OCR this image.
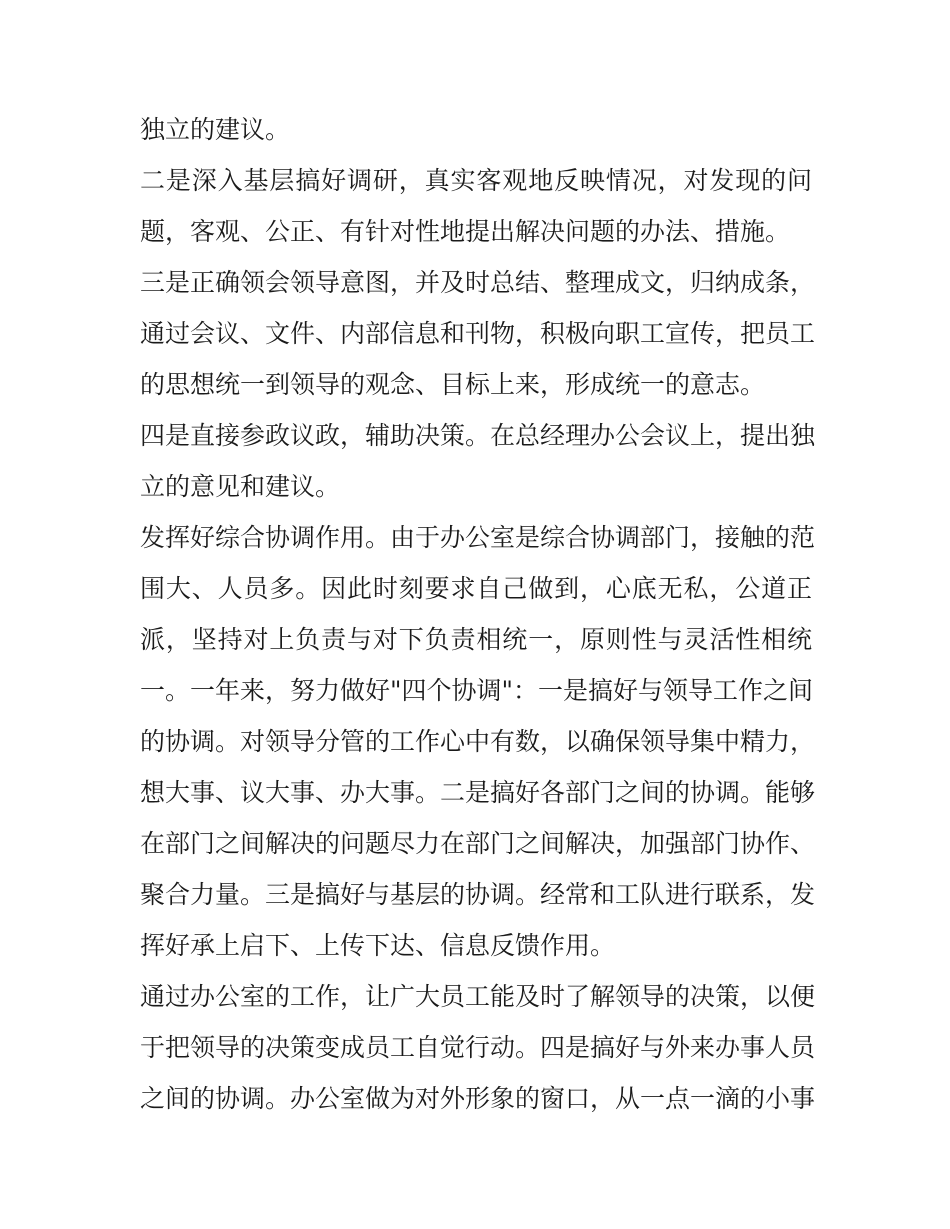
独立的建议。
二是深入基层搞好调研，真实客观地反映情况，对发现的问
题，客观、公正、有针对性地提出解决问题的办法、措施。
三是正确领会领导意图，并及时总结、整理成文，归纳成条，
通过会议、文件、内部信息和刊物，积极向职工宣传，把员工
的思想统一到领导的观念、目标上来，形成统一的意志。
四是直接参政议政，辅助决策。在总经理办公会议上，提出独
立的意见和建议。
发挥好综合协调作用。由于办公室是综合协调部门，接触的范
围大、人员多。因此时刻要求自己做到，心底无私，公道正
派，坚持对上负责与对下负责相统一，原则性与灵活性相统
一。一年来，努力做好"四个协调"：一是搞好与领导工作之间
的协调。对领导分管的工作心中有数，以确保领导集中精力，
想大事、议大事、办大事。二是搞好各部门之间的协调。能够
在部门之间解决的问题尽力在部门之间解决，加强部门协作、
聚合力量。三是搞好与基层的协调。经常和工队进行联系，发
挥好承上启下、上传下达、信息反馈作用。
通过办公室的工作，让广大员工能及时了解领导的决策，以便
于把领导的决策变成员工自觉行动。四是搞好与外来办事人员
之间的协调。办公室做为对外形象的窗口，从一点一滴的小事
